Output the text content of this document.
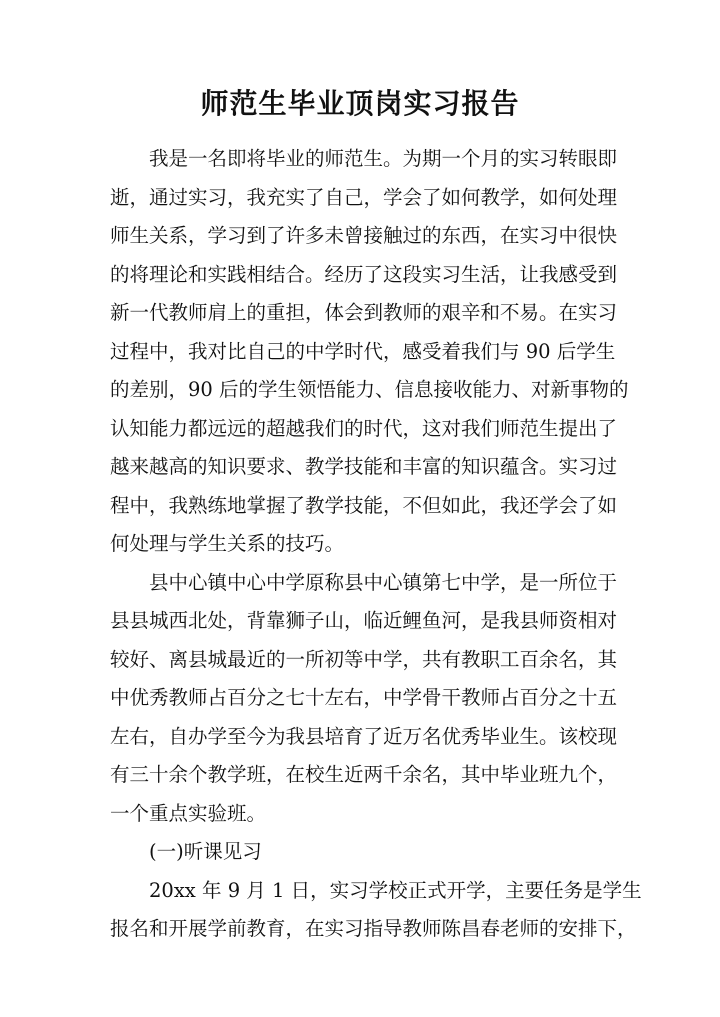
师范生毕业顶岗实习报告
我是一名即将毕业的师范生。为期一个月的实习转眼即
逝，通过实习，我充实了自己，学会了如何教学，如何处理
师生关系，学习到了许多未曾接触过的东西，在实习中很快
的将理论和实践相结合。经历了这段实习生活，让我感受到
新一代教师肩上的重担，体会到教师的艰辛和不易。在实习
过程中，我对比自己的中学时代，感受着我们与 90 后学生
的差别，90 后的学生领悟能力、信息接收能力、对新事物的
认知能力都远远的超越我们的时代，这对我们师范生提出了
越来越高的知识要求、教学技能和丰富的知识蕴含。实习过
程中，我熟练地掌握了教学技能，不但如此，我还学会了如
何处理与学生关系的技巧。
县中心镇中心中学原称县中心镇第七中学，是一所位于
县县城西北处，背靠狮子山，临近鲤鱼河，是我县师资相对
较好、离县城最近的一所初等中学，共有教职工百余名，其
中优秀教师占百分之七十左右，中学骨干教师占百分之十五
左右，自办学至今为我县培育了近万名优秀毕业生。该校现
有三十余个教学班，在校生近两千余名，其中毕业班九个，
一个重点实验班。
(一)听课见习
20xx 年 9 月 1 日，实习学校正式开学，主要任务是学生
报名和开展学前教育，在实习指导教师陈昌春老师的安排下，
